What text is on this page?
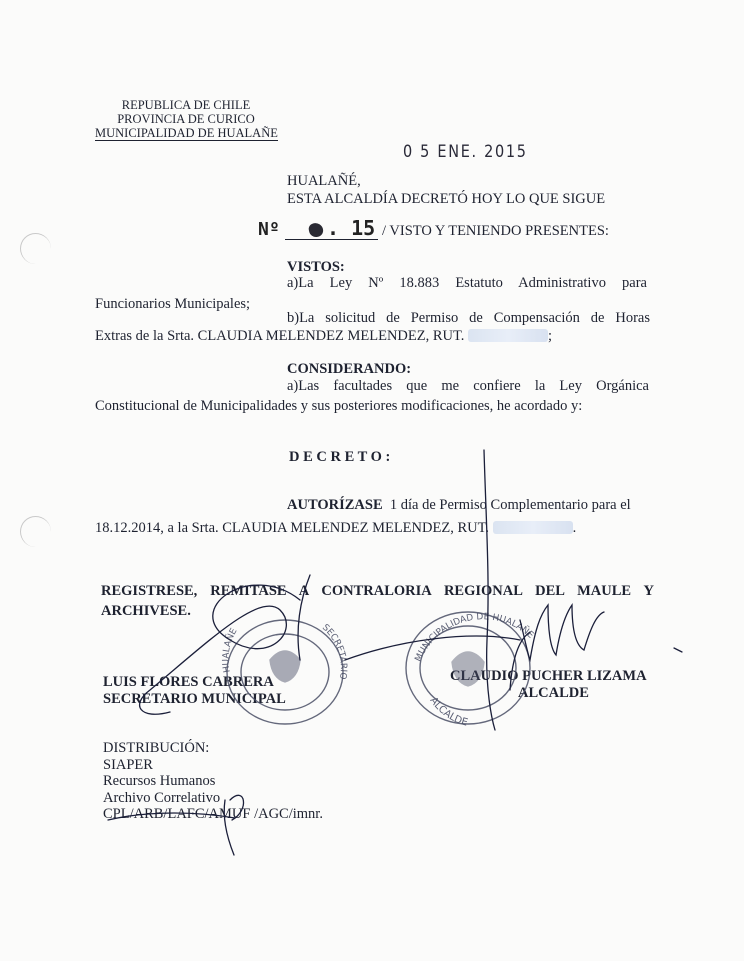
REPUBLICA DE CHILE
PROVINCIA DE CURICO
MUNICIPALIDAD DE HUALAÑE
0 5 ENE. 2015
HUALAÑÉ,
ESTA ALCALDÍA DECRETÓ HOY LO QUE SIGUE
Nº . 15 / VISTO Y TENIENDO PRESENTES:
VISTOS:
a)La Ley Nº 18.883 Estatuto Administrativo para
Funcionarios Municipales;
b)La solicitud de Permiso de Compensación de Horas
Extras de la Srta. CLAUDIA MELENDEZ MELENDEZ, RUT.	;
CONSIDERANDO:
a)Las facultades que me confiere la Ley Orgánica
Constitucional de Municipalidades y sus posteriores modificaciones, he acordado y:
D E C R E T O :
AUTORÍZASE 1 día de Permiso Complementario para el
18.12.2014, a la Srta. CLAUDIA MELENDEZ MELENDEZ, RUT.	.
REGISTRESE, REMITASE A CONTRALORIA REGIONAL DEL MAULE Y
ARCHIVESE.
LUIS FLORES CABRERA
SECRETARIO MUNICIPAL
CLAUDIO PUCHER LIZAMA
ALCALDE
DISTRIBUCIÓN:
SIAPER
Recursos Humanos
Archivo Correlativo
CPL/ARB/LAFC/AMUF /AGC/imnr.
HUALAÑE	SECRETARIO
MUNICIPALIDAD DE HUALAÑE
ALCALDE
